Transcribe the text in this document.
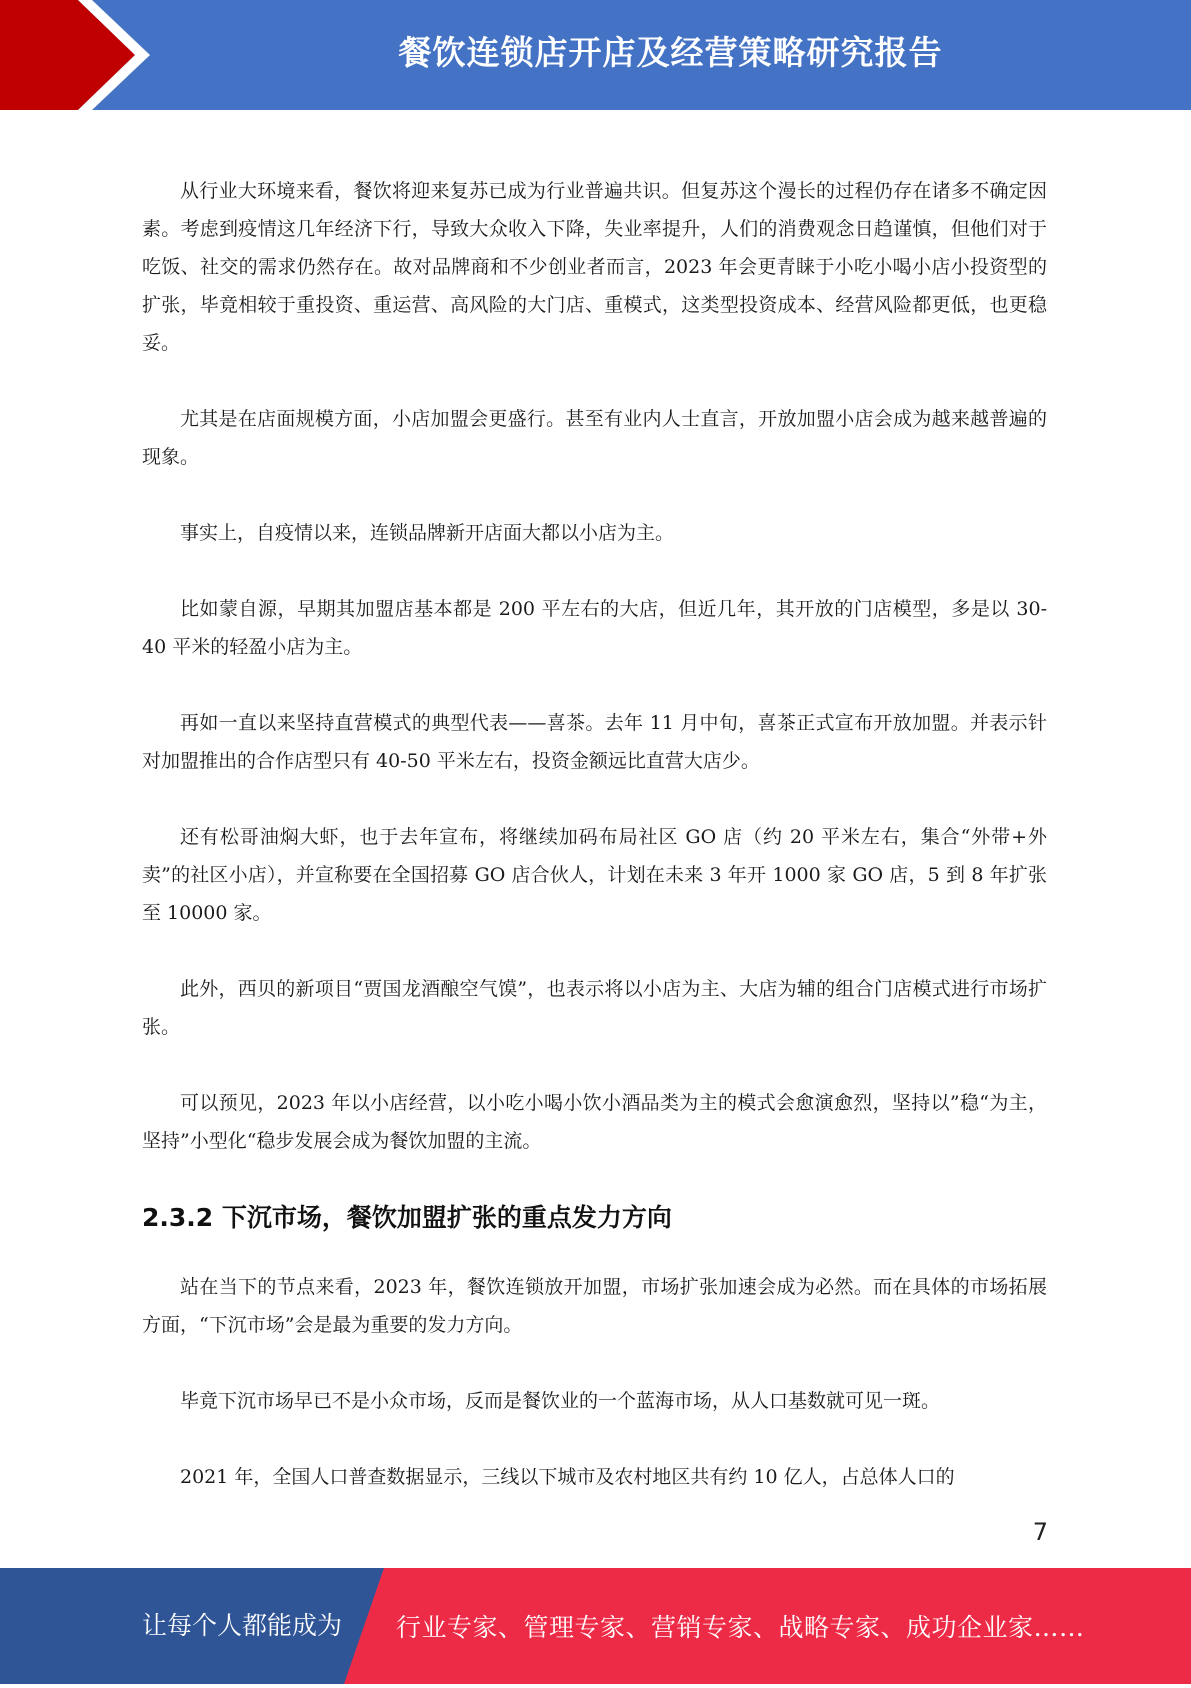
餐饮连锁店开店及经营策略研究报告

从行业大环境来看，餐饮将迎来复苏已成为行业普遍共识。但复苏这个漫长的过程仍存在诸多不确定因素。考虑到疫情这几年经济下行，导致大众收入下降，失业率提升，人们的消费观念日趋谨慎，但他们对于吃饭、社交的需求仍然存在。故对品牌商和不少创业者而言，2023 年会更青睐于小吃小喝小店小投资型的扩张，毕竟相较于重投资、重运营、高风险的大门店、重模式，这类型投资成本、经营风险都更低，也更稳妥。

尤其是在店面规模方面，小店加盟会更盛行。甚至有业内人士直言，开放加盟小店会成为越来越普遍的现象。

事实上，自疫情以来，连锁品牌新开店面大都以小店为主。

比如蒙自源，早期其加盟店基本都是 200 平左右的大店，但近几年，其开放的门店模型，多是以 30-40 平米的轻盈小店为主。

再如一直以来坚持直营模式的典型代表——喜茶。去年 11 月中旬，喜茶正式宣布开放加盟。并表示针对加盟推出的合作店型只有 40-50 平米左右，投资金额远比直营大店少。

还有松哥油焖大虾，也于去年宣布，将继续加码布局社区 GO 店（约 20 平米左右，集合“外带+外卖”的社区小店），并宣称要在全国招募 GO 店合伙人，计划在未来 3 年开 1000 家 GO 店，5 到 8 年扩张至 10000 家。

此外，西贝的新项目“贾国龙酒酿空气馍”，也表示将以小店为主、大店为辅的组合门店模式进行市场扩张。

可以预见，2023 年以小店经营，以小吃小喝小饮小酒品类为主的模式会愈演愈烈，坚持以”稳“为主，坚持”小型化“稳步发展会成为餐饮加盟的主流。

2.3.2 下沉市场，餐饮加盟扩张的重点发力方向

站在当下的节点来看，2023 年，餐饮连锁放开加盟，市场扩张加速会成为必然。而在具体的市场拓展方面，“下沉市场”会是最为重要的发力方向。

毕竟下沉市场早已不是小众市场，反而是餐饮业的一个蓝海市场，从人口基数就可见一斑。

2021 年，全国人口普查数据显示，三线以下城市及农村地区共有约 10 亿人，占总体人口的

7
让每个人都能成为 行业专家、管理专家、营销专家、战略专家、成功企业家……
